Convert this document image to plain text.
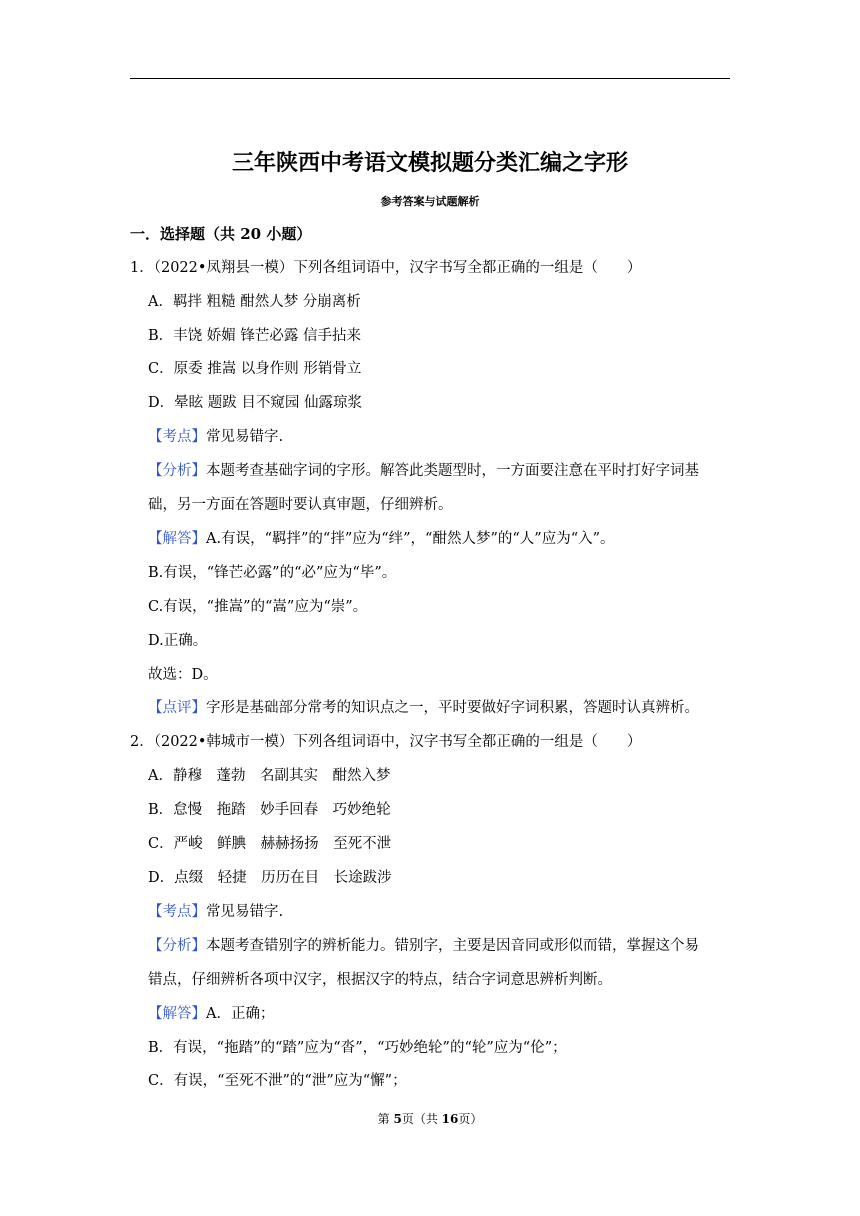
三年陕西中考语文模拟题分类汇编之字形
参考答案与试题解析
一．选择题（共 20 小题）
1．（2022•凤翔县一模）下列各组词语中，汉字书写全都正确的一组是（　　）
A．羁拌 粗糙 酣然人梦 分崩离析
B．丰饶 娇媚 锋芒必露 信手拈来
C．原委 推嵩 以身作则 形销骨立
D．晕眩 题跋 目不窥园 仙露琼浆
【考点】常见易错字.
【分析】本题考查基础字词的字形。解答此类题型时，一方面要注意在平时打好字词基
础，另一方面在答题时要认真审题，仔细辨析。
【解答】A.有误，“羁拌”的“拌”应为“绊”，“酣然人梦”的“人”应为“入”。
B.有误，“锋芒必露”的“必”应为“毕”。
C.有误，“推嵩”的“嵩”应为“崇”。
D.正确。
故选：D。
【点评】字形是基础部分常考的知识点之一，平时要做好字词积累，答题时认真辨析。
2．（2022•韩城市一模）下列各组词语中，汉字书写全都正确的一组是（　　）
A．静穆　蓬勃　名副其实　酣然入梦
B．怠慢　拖踏　妙手回春　巧妙绝轮
C．严峻　鲜腆　赫赫扬扬　至死不泄
D．点缀　轻捷　历历在目　长途跋涉
【考点】常见易错字.
【分析】本题考查错别字的辨析能力。错别字，主要是因音同或形似而错，掌握这个易
错点，仔细辨析各项中汉字，根据汉字的特点，结合字词意思辨析判断。
【解答】A．正确；
B．有误，“拖踏”的“踏”应为“沓”，“巧妙绝轮”的“轮”应为“伦”；
C．有误，“至死不泄”的“泄”应为“懈”；
第 5页（共 16页）
